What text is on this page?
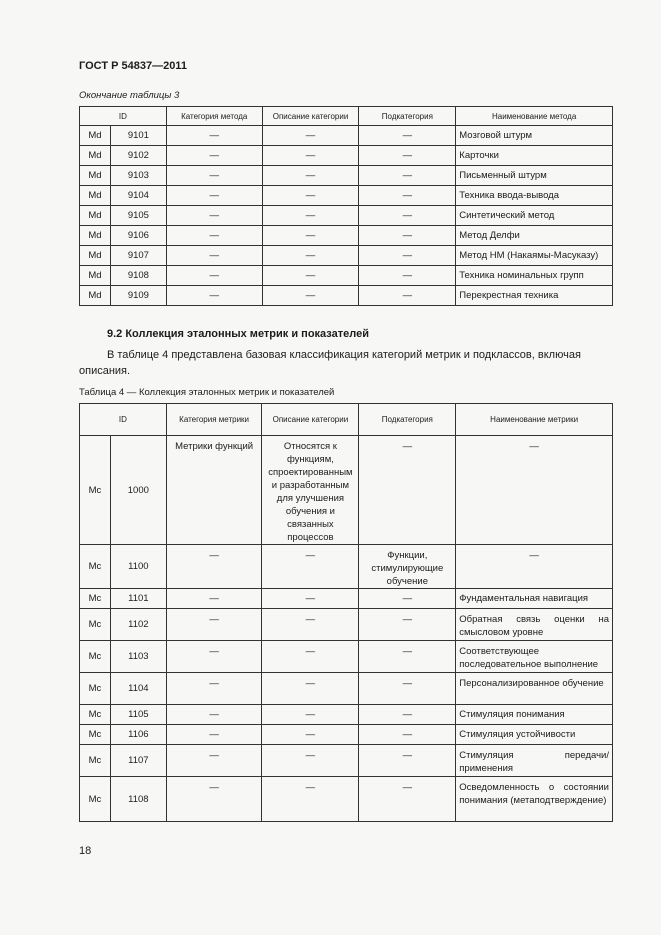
ГОСТ Р 54837—2011
Окончание таблицы 3
ID		Категория метода	Описание категории	Подкатегория	Наименование метода
Md	9101	—	—	—	Мозговой штурм
Md	9102	—	—	—	Карточки
Md	9103	—	—	—	Письменный штурм
Md	9104	—	—	—	Техника ввода-вывода
Md	9105	—	—	—	Синтетический метод
Md	9106	—	—	—	Метод Делфи
Md	9107	—	—	—	Метод НМ (Накаямы-Масуказу)
Md	9108	—	—	—	Техника номинальных групп
Md	9109	—	—	—	Перекрестная техника
9.2 Коллекция эталонных метрик и показателей
В таблице 4 представлена базовая классификация категорий метрик и подклассов, включая описания.
Таблица 4 — Коллекция эталонных метрик и показателей
ID		Категория метрики	Описание категории	Подкатегория	Наименование метрики
Mc	1000	Метрики функций	Относятся к функциям, спроектированным и разработанным для улучшения обучения и связанных процессов	—	—
Mc	1100	—	—	Функции, стимулирующие обучение	—
Mc	1101	—	—	—	Фундаментальная навигация
Mc	1102	—	—	—	Обратная связь оценки на смысловом уровне
Mc	1103	—	—	—	Соответствующее последовательное выполнение
Mc	1104	—	—	—	Персонализированное обучение
Mc	1105	—	—	—	Стимуляция понимания
Mc	1106	—	—	—	Стимуляция устойчивости
Mc	1107	—	—	—	Стимуляция передачи/применения
Mc	1108	—	—	—	Осведомленность о состоянии понимания (метаподтверждение)
18
